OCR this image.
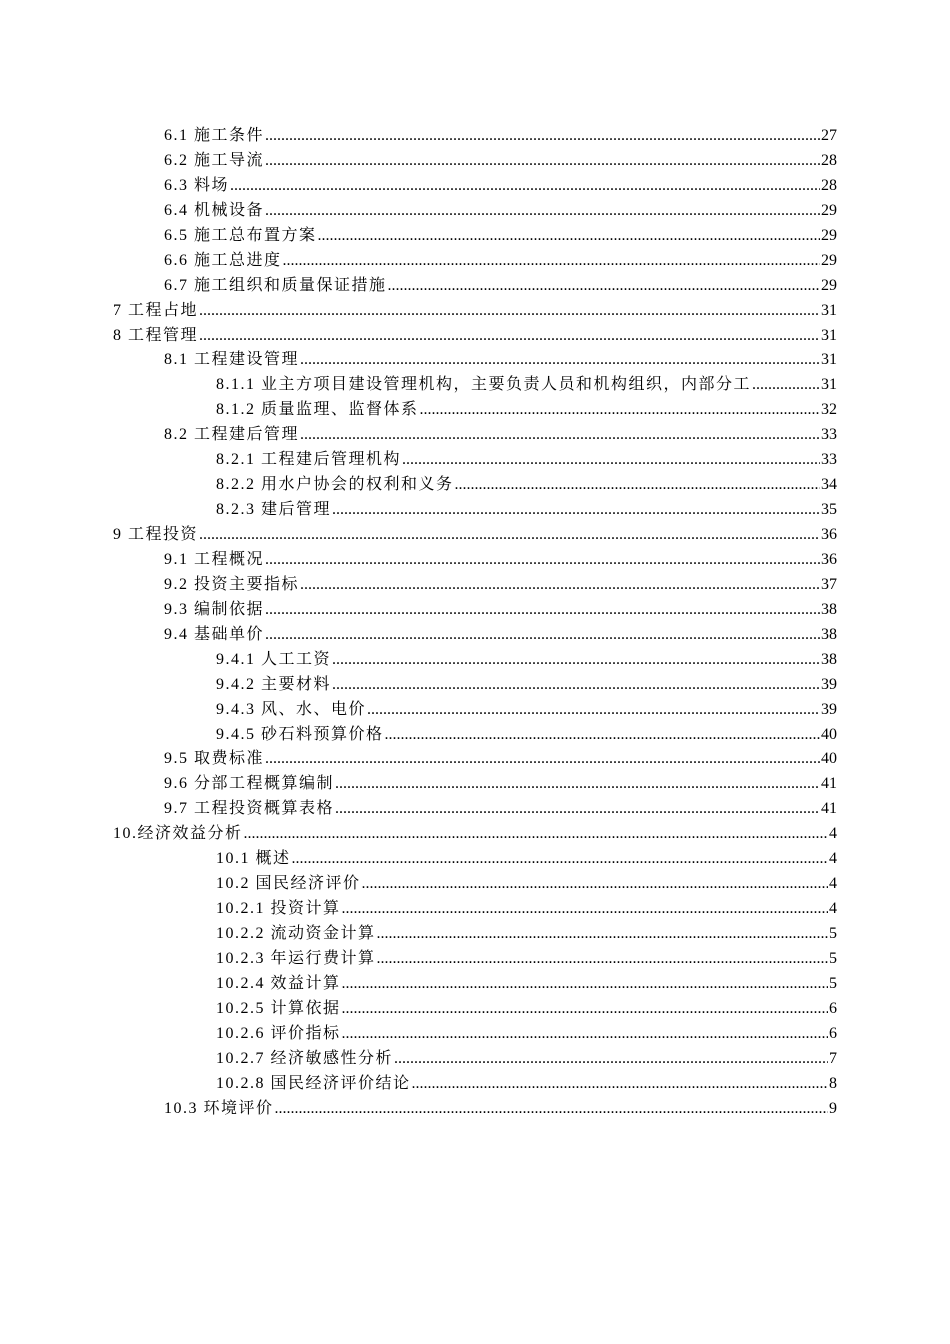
6.1 施工条件 .....	27
6.2 施工导流 .....	28
6.3 料场 .....	28
6.4 机械设备 .....	29
6.5 施工总布置方案 .....	29
6.6 施工总进度 .....	29
6.7 施工组织和质量保证措施 .....	29
7 工程占地 .....	31
8 工程管理 .....	31
8.1 工程建设管理 .....	31
8.1.1 业主方项目建设管理机构，主要负责人员和机构组织，内部分工 .....	31
8.1.2 质量监理、监督体系 .....	32
8.2 工程建后管理 .....	33
8.2.1 工程建后管理机构 .....	33
8.2.2 用水户协会的权利和义务 .....	34
8.2.3 建后管理 .....	35
9 工程投资 .....	36
9.1 工程概况 .....	36
9.2 投资主要指标 .....	37
9.3 编制依据 .....	38
9.4 基础单价 .....	38
9.4.1 人工工资 .....	38
9.4.2 主要材料 .....	39
9.4.3 风、水、电价 .....	39
9.4.5 砂石料预算价格 .....	40
9.5 取费标准 .....	40
9.6 分部工程概算编制 .....	41
9.7 工程投资概算表格 .....	41
10.经济效益分析 .....	4
10.1 概述 .....	4
10.2 国民经济评价 .....	4
10.2.1 投资计算 .....	4
10.2.2 流动资金计算 .....	5
10.2.3 年运行费计算 .....	5
10.2.4 效益计算 .....	5
10.2.5 计算依据 .....	6
10.2.6 评价指标 .....	6
10.2.7 经济敏感性分析 .....	7
10.2.8 国民经济评价结论 .....	8
10.3 环境评价 .....	9
